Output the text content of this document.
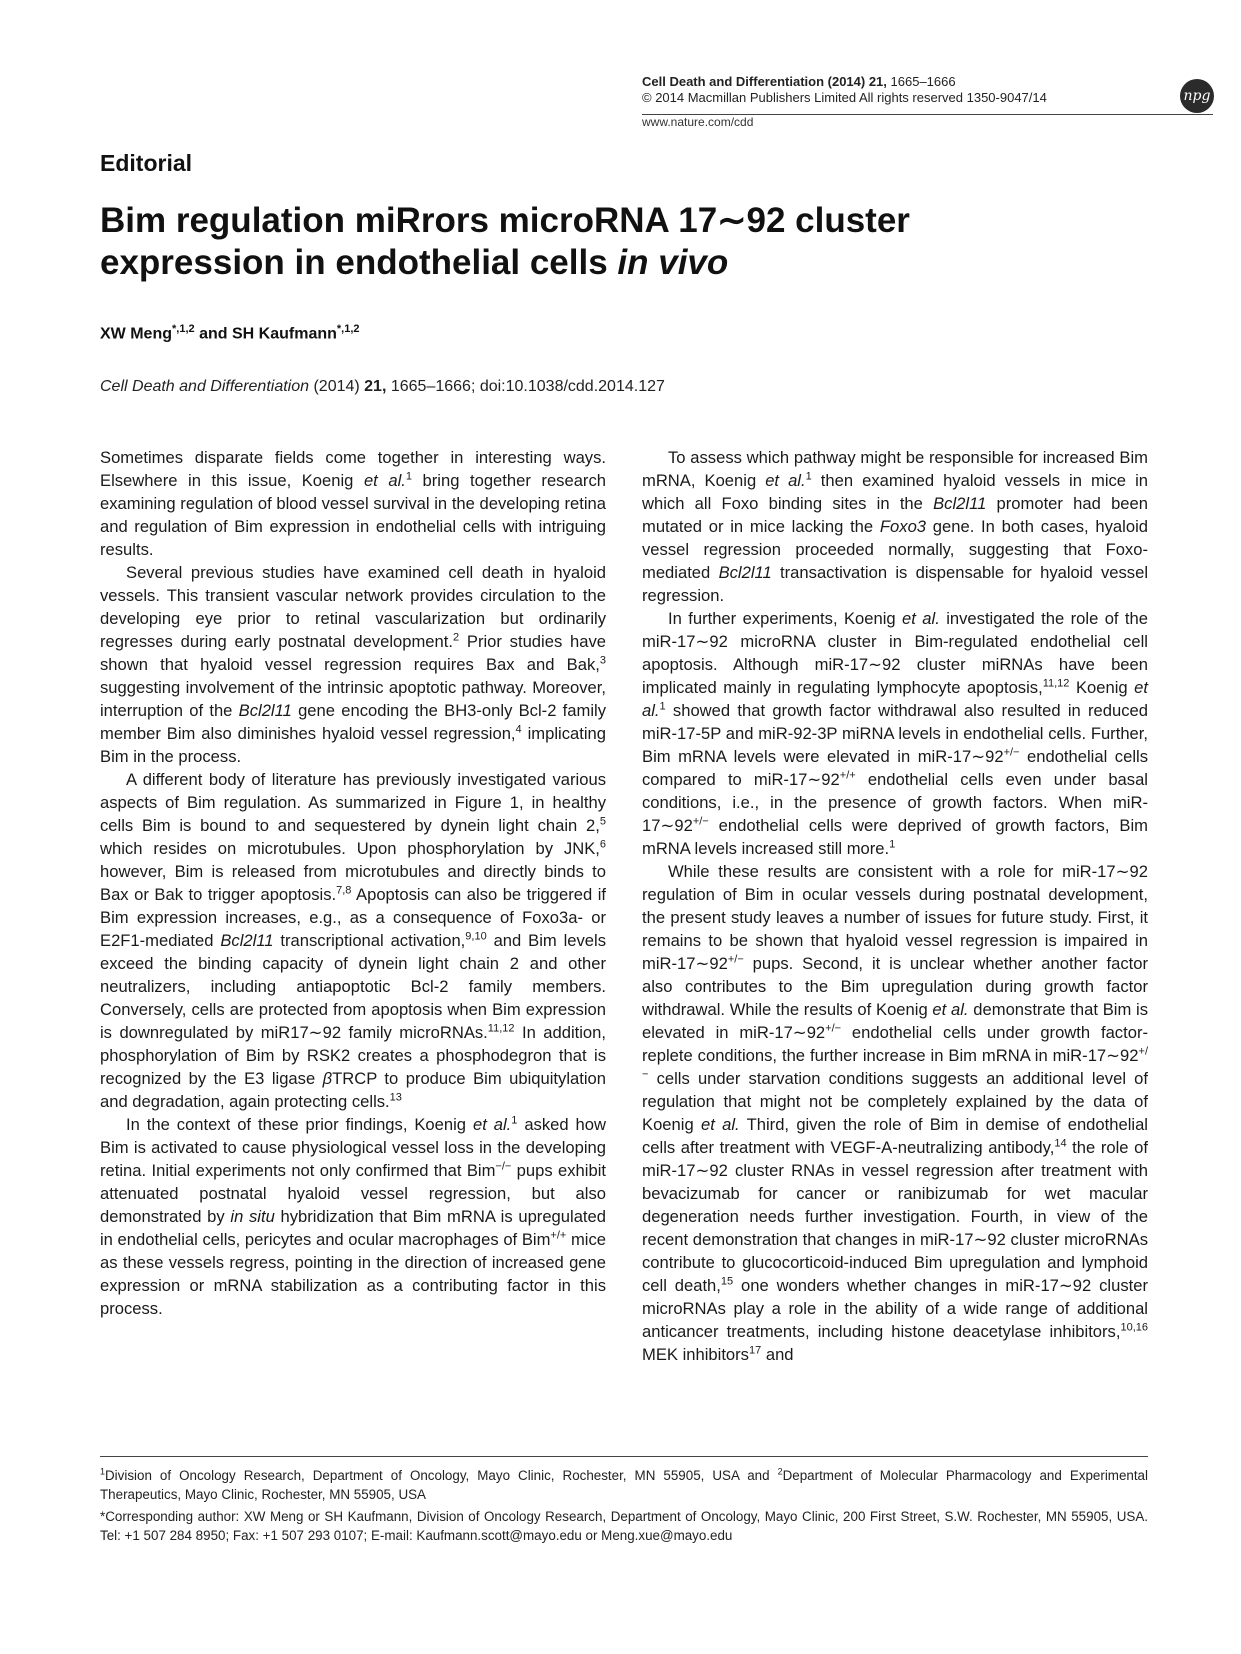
Cell Death and Differentiation (2014) 21, 1665–1666
© 2014 Macmillan Publishers Limited All rights reserved 1350-9047/14
www.nature.com/cdd
npg
Editorial
Bim regulation miRrors microRNA 17∼92 cluster
expression in endothelial cells in vivo
XW Meng$^{*,1,2}$ and SH Kaufmann$^{*,1,2}$
Cell Death and Differentiation (2014) 21, 1665–1666; doi:10.1038/cdd.2014.127

Sometimes disparate fields come together in interesting ways. Elsewhere in this issue, Koenig et al.$^1$ bring together research examining regulation of blood vessel survival in the developing retina and regulation of Bim expression in endothelial cells with intriguing results.

Several previous studies have examined cell death in hyaloid vessels. This transient vascular network provides circulation to the developing eye prior to retinal vascularization but ordinarily regresses during early postnatal development.$^2$ Prior studies have shown that hyaloid vessel regression requires Bax and Bak,$^3$ suggesting involvement of the intrinsic apoptotic pathway. Moreover, interruption of the Bcl2l11 gene encoding the BH3-only Bcl-2 family member Bim also diminishes hyaloid vessel regression,$^4$ implicating Bim in the process.

A different body of literature has previously investigated various aspects of Bim regulation. As summarized in Figure 1, in healthy cells Bim is bound to and sequestered by dynein light chain 2,$^5$ which resides on microtubules. Upon phosphorylation by JNK,$^6$ however, Bim is released from microtubules and directly binds to Bax or Bak to trigger apoptosis.$^{7,8}$ Apoptosis can also be triggered if Bim expression increases, e.g., as a consequence of Foxo3a- or E2F1-mediated Bcl2l11 transcriptional activation,$^{9,10}$ and Bim levels exceed the binding capacity of dynein light chain 2 and other neutralizers, including antiapoptotic Bcl-2 family members. Conversely, cells are protected from apoptosis when Bim expression is downregulated by miR17∼92 family microRNAs.$^{11,12}$ In addition, phosphorylation of Bim by RSK2 creates a phosphodegron that is recognized by the E3 ligase βTRCP to produce Bim ubiquitylation and degradation, again protecting cells.$^{13}$

In the context of these prior findings, Koenig et al.$^1$ asked how Bim is activated to cause physiological vessel loss in the developing retina. Initial experiments not only confirmed that Bim−/− pups exhibit attenuated postnatal hyaloid vessel regression, but also demonstrated by in situ hybridization that Bim mRNA is upregulated in endothelial cells, pericytes and ocular macrophages of Bim+/+ mice as these vessels regress, pointing in the direction of increased gene expression or mRNA stabilization as a contributing factor in this process.

To assess which pathway might be responsible for increased Bim mRNA, Koenig et al.$^1$ then examined hyaloid vessels in mice in which all Foxo binding sites in the Bcl2l11 promoter had been mutated or in mice lacking the Foxo3 gene. In both cases, hyaloid vessel regression proceeded normally, suggesting that Foxo-mediated Bcl2l11 transactivation is dispensable for hyaloid vessel regression.

In further experiments, Koenig et al. investigated the role of the miR-17∼92 microRNA cluster in Bim-regulated endothelial cell apoptosis. Although miR-17∼92 cluster miRNAs have been implicated mainly in regulating lymphocyte apoptosis,$^{11,12}$ Koenig et al.$^1$ showed that growth factor withdrawal also resulted in reduced miR-17-5P and miR-92-3P miRNA levels in endothelial cells. Further, Bim mRNA levels were elevated in miR-17∼92+/− endothelial cells compared to miR-17∼92+/+ endothelial cells even under basal conditions, i.e., in the presence of growth factors. When miR-17∼92+/− endothelial cells were deprived of growth factors, Bim mRNA levels increased still more.$^1$

While these results are consistent with a role for miR-17∼92 regulation of Bim in ocular vessels during postnatal development, the present study leaves a number of issues for future study. First, it remains to be shown that hyaloid vessel regression is impaired in miR-17∼92+/− pups. Second, it is unclear whether another factor also contributes to the Bim upregulation during growth factor withdrawal. While the results of Koenig et al. demonstrate that Bim is elevated in miR-17∼92+/− endothelial cells under growth factor-replete conditions, the further increase in Bim mRNA in miR-17∼92+/− cells under starvation conditions suggests an additional level of regulation that might not be completely explained by the data of Koenig et al. Third, given the role of Bim in demise of endothelial cells after treatment with VEGF-A-neutralizing antibody,$^{14}$ the role of miR-17∼92 cluster RNAs in vessel regression after treatment with bevacizumab for cancer or ranibizumab for wet macular degeneration needs further investigation. Fourth, in view of the recent demonstration that changes in miR-17∼92 cluster microRNAs contribute to glucocorticoid-induced Bim upregulation and lymphoid cell death,$^{15}$ one wonders whether changes in miR-17∼92 cluster microRNAs play a role in the ability of a wide range of additional anticancer treatments, including histone deacetylase inhibitors,$^{10,16}$ MEK inhibitors$^{17}$ and

$^1$Division of Oncology Research, Department of Oncology, Mayo Clinic, Rochester, MN 55905, USA and $^2$Department of Molecular Pharmacology and Experimental Therapeutics, Mayo Clinic, Rochester, MN 55905, USA

*Corresponding author: XW Meng or SH Kaufmann, Division of Oncology Research, Department of Oncology, Mayo Clinic, 200 First Street, S.W. Rochester, MN 55905, USA. Tel: +1 507 284 8950; Fax: +1 507 293 0107; E-mail: Kaufmann.scott@mayo.edu or Meng.xue@mayo.edu
